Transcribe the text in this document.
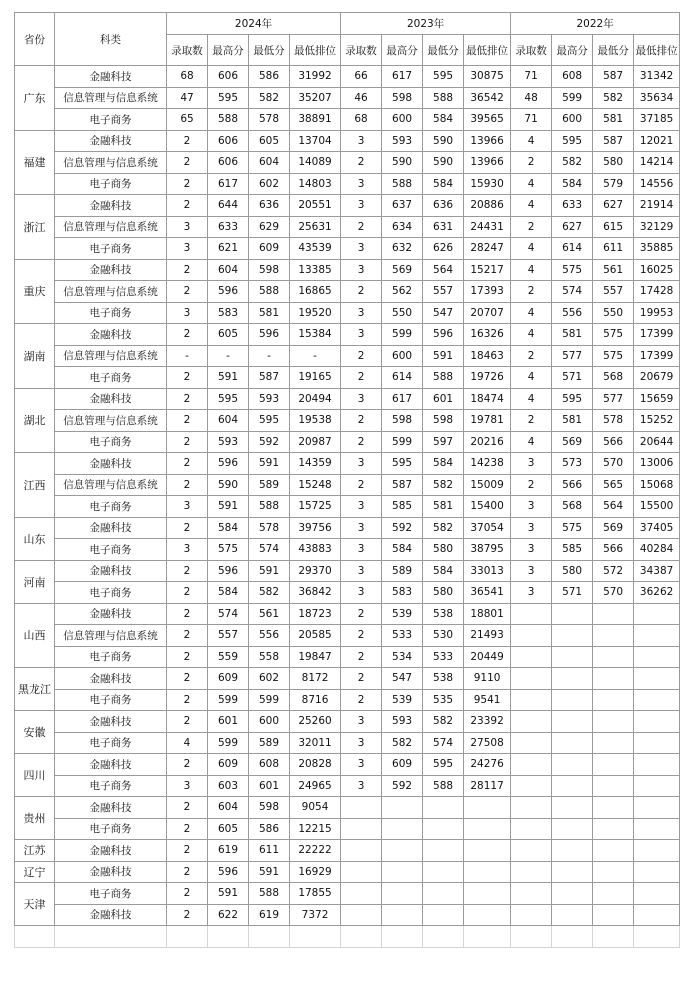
省份	科类	2024年				2023年				2022年			
		录取数	最高分	最低分	最低排位	录取数	最高分	最低分	最低排位	录取数	最高分	最低分	最低排位
广东	金融科技	68	606	586	31992	66	617	595	30875	71	608	587	31342
	信息管理与信息系统	47	595	582	35207	46	598	588	36542	48	599	582	35634
	电子商务	65	588	578	38891	68	600	584	39565	71	600	581	37185
福建	金融科技	2	606	605	13704	3	593	590	13966	4	595	587	12021
	信息管理与信息系统	2	606	604	14089	2	590	590	13966	2	582	580	14214
	电子商务	2	617	602	14803	3	588	584	15930	4	584	579	14556
浙江	金融科技	2	644	636	20551	3	637	636	20886	4	633	627	21914
	信息管理与信息系统	3	633	629	25631	2	634	631	24431	2	627	615	32129
	电子商务	3	621	609	43539	3	632	626	28247	4	614	611	35885
重庆	金融科技	2	604	598	13385	3	569	564	15217	4	575	561	16025
	信息管理与信息系统	2	596	588	16865	2	562	557	17393	2	574	557	17428
	电子商务	3	583	581	19520	3	550	547	20707	4	556	550	19953
湖南	金融科技	2	605	596	15384	3	599	596	16326	4	581	575	17399
	信息管理与信息系统	-	-	-	-	2	600	591	18463	2	577	575	17399
	电子商务	2	591	587	19165	2	614	588	19726	4	571	568	20679
湖北	金融科技	2	595	593	20494	3	617	601	18474	4	595	577	15659
	信息管理与信息系统	2	604	595	19538	2	598	598	19781	2	581	578	15252
	电子商务	2	593	592	20987	2	599	597	20216	4	569	566	20644
江西	金融科技	2	596	591	14359	3	595	584	14238	3	573	570	13006
	信息管理与信息系统	2	590	589	15248	2	587	582	15009	2	566	565	15068
	电子商务	3	591	588	15725	3	585	581	15400	3	568	564	15500
山东	金融科技	2	584	578	39756	3	592	582	37054	3	575	569	37405
	电子商务	3	575	574	43883	3	584	580	38795	3	585	566	40284
河南	金融科技	2	596	591	29370	3	589	584	33013	3	580	572	34387
	电子商务	2	584	582	36842	3	583	580	36541	3	571	570	36262
山西	金融科技	2	574	561	18723	2	539	538	18801				
	信息管理与信息系统	2	557	556	20585	2	533	530	21493				
	电子商务	2	559	558	19847	2	534	533	20449				
黑龙江	金融科技	2	609	602	8172	2	547	538	9110				
	电子商务	2	599	599	8716	2	539	535	9541				
安徽	金融科技	2	601	600	25260	3	593	582	23392				
	电子商务	4	599	589	32011	3	582	574	27508				
四川	金融科技	2	609	608	20828	3	609	595	24276				
	电子商务	3	603	601	24965	3	592	588	28117				
贵州	金融科技	2	604	598	9054								
	电子商务	2	605	586	12215								
江苏	金融科技	2	619	611	22222								
辽宁	金融科技	2	596	591	16929								
天津	电子商务	2	591	588	17855								
	金融科技	2	622	619	7372								
